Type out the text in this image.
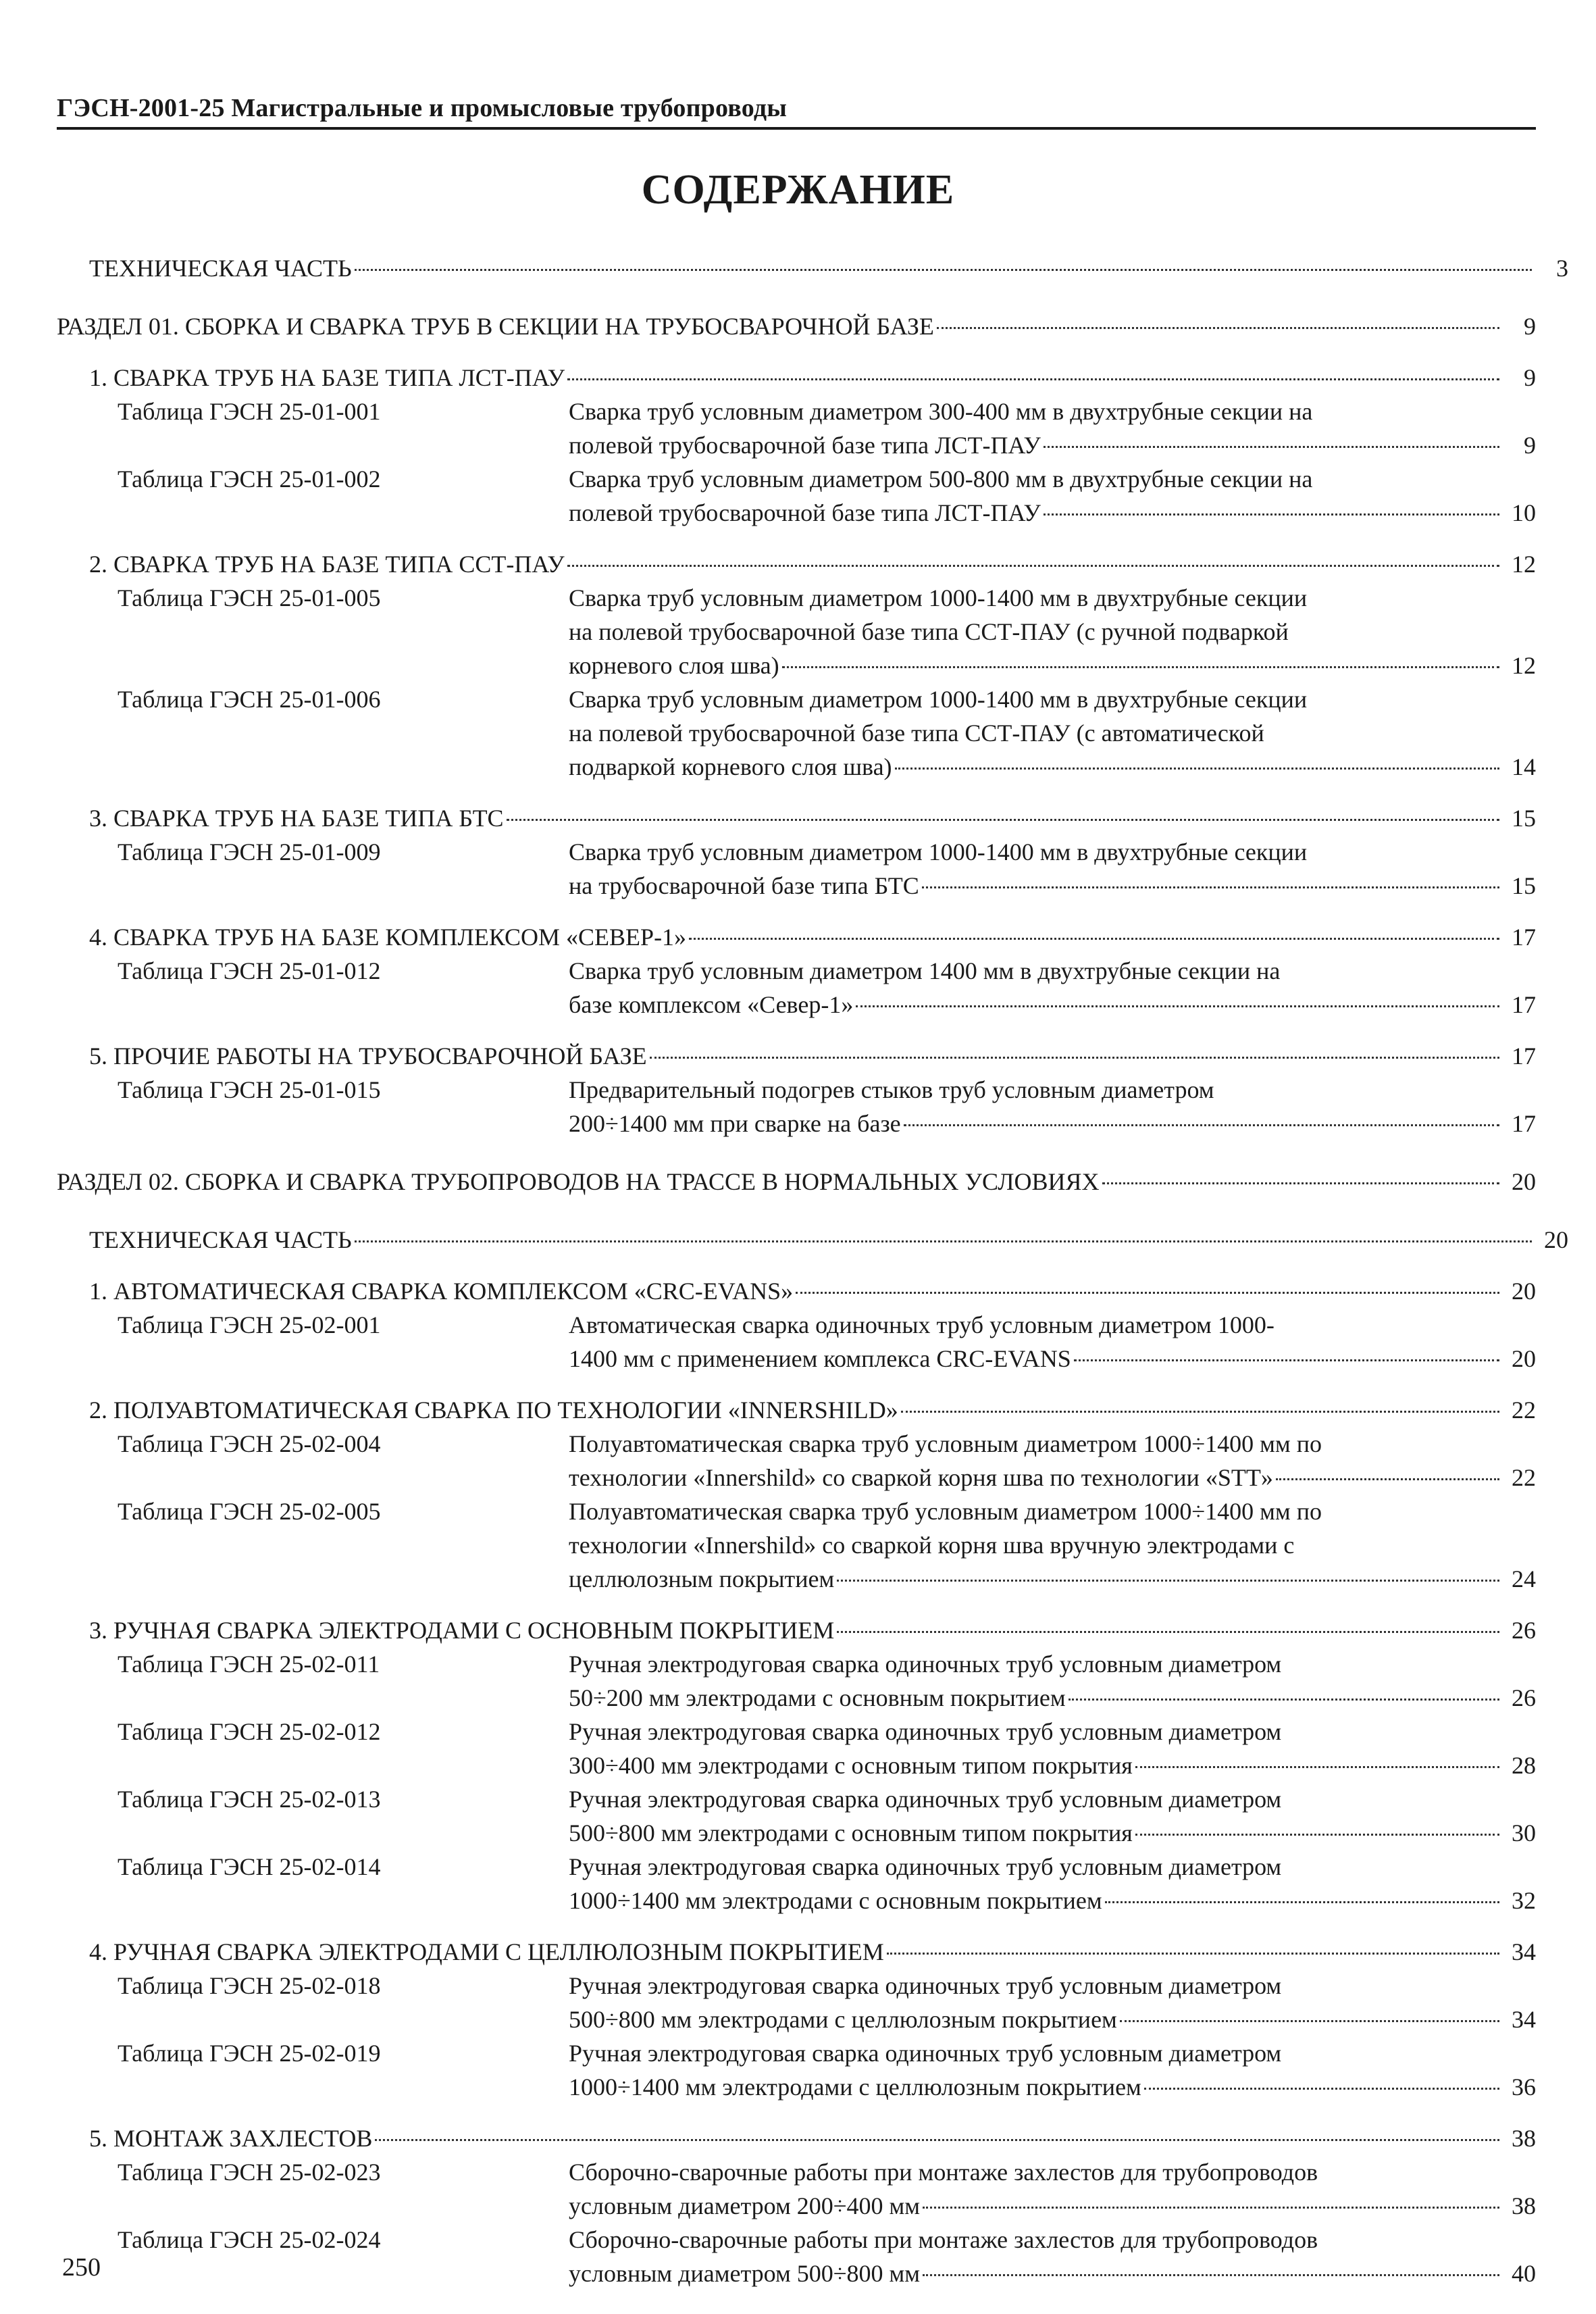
ГЭСН-2001-25 Магистральные и промысловые трубопроводы
СОДЕРЖАНИЕ
ТЕХНИЧЕСКАЯ ЧАСТЬ	3
РАЗДЕЛ 01. СБОРКА И СВАРКА ТРУБ В СЕКЦИИ НА ТРУБОСВАРОЧНОЙ БАЗЕ	9
1. СВАРКА ТРУБ НА БАЗЕ ТИПА ЛСТ-ПАУ	9
Таблица ГЭСН 25-01-001	Сварка труб условным диаметром 300-400 мм в двухтрубные секции на
полевой трубосварочной базе типа ЛСТ-ПАУ	9
Таблица ГЭСН 25-01-002	Сварка труб условным диаметром 500-800 мм в двухтрубные секции на
полевой трубосварочной базе типа ЛСТ-ПАУ	10
2. СВАРКА ТРУБ НА БАЗЕ ТИПА ССТ-ПАУ	12
Таблица ГЭСН 25-01-005	Сварка труб условным диаметром 1000-1400 мм в двухтрубные секции
на полевой трубосварочной базе типа ССТ-ПАУ (с ручной подваркой
корневого слоя шва)	12
Таблица ГЭСН 25-01-006	Сварка труб условным диаметром 1000-1400 мм в двухтрубные секции
на полевой трубосварочной базе типа ССТ-ПАУ (с автоматической
подваркой корневого слоя шва)	14
3. СВАРКА ТРУБ НА БАЗЕ ТИПА БТС	15
Таблица ГЭСН 25-01-009	Сварка труб условным диаметром 1000-1400 мм в двухтрубные секции
на трубосварочной базе типа БТС	15
4. СВАРКА ТРУБ НА БАЗЕ КОМПЛЕКСОМ «СЕВЕР-1»	17
Таблица ГЭСН 25-01-012	Сварка труб условным диаметром 1400 мм в двухтрубные секции на
базе комплексом «Север-1»	17
5. ПРОЧИЕ РАБОТЫ НА ТРУБОСВАРОЧНОЙ БАЗЕ	17
Таблица ГЭСН 25-01-015	Предварительный подогрев стыков труб условным диаметром
200÷1400 мм при сварке на базе	17
РАЗДЕЛ 02. СБОРКА И СВАРКА ТРУБОПРОВОДОВ НА ТРАССЕ В НОРМАЛЬНЫХ УСЛОВИЯХ	20
ТЕХНИЧЕСКАЯ ЧАСТЬ	20
1. АВТОМАТИЧЕСКАЯ СВАРКА КОМПЛЕКСОМ «CRC-EVANS»	20
Таблица ГЭСН 25-02-001	Автоматическая сварка одиночных труб условным диаметром 1000-
1400 мм с применением комплекса CRC-EVANS	20
2. ПОЛУАВТОМАТИЧЕСКАЯ СВАРКА ПО ТЕХНОЛОГИИ «INNERSHILD»	22
Таблица ГЭСН 25-02-004	Полуавтоматическая сварка труб условным диаметром 1000÷1400 мм по
технологии «Innershild» со сваркой корня шва по технологии «STT»	22
Таблица ГЭСН 25-02-005	Полуавтоматическая сварка труб условным диаметром 1000÷1400 мм по
технологии «Innershild» со сваркой корня шва вручную электродами с
целлюлозным покрытием	24
3. РУЧНАЯ СВАРКА ЭЛЕКТРОДАМИ С ОСНОВНЫМ ПОКРЫТИЕМ	26
Таблица ГЭСН 25-02-011	Ручная электродуговая сварка одиночных труб условным диаметром
50÷200 мм электродами с основным покрытием	26
Таблица ГЭСН 25-02-012	Ручная электродуговая сварка одиночных труб условным диаметром
300÷400 мм электродами с основным типом покрытия	28
Таблица ГЭСН 25-02-013	Ручная электродуговая сварка одиночных труб условным диаметром
500÷800 мм электродами с основным типом покрытия	30
Таблица ГЭСН 25-02-014	Ручная электродуговая сварка одиночных труб условным диаметром
1000÷1400 мм электродами с основным покрытием	32
4. РУЧНАЯ СВАРКА ЭЛЕКТРОДАМИ С ЦЕЛЛЮЛОЗНЫМ ПОКРЫТИЕМ	34
Таблица ГЭСН 25-02-018	Ручная электродуговая сварка одиночных труб условным диаметром
500÷800 мм электродами с целлюлозным покрытием	34
Таблица ГЭСН 25-02-019	Ручная электродуговая сварка одиночных труб условным диаметром
1000÷1400 мм электродами с целлюлозным покрытием	36
5. МОНТАЖ ЗАХЛЕСТОВ	38
Таблица ГЭСН 25-02-023	Сборочно-сварочные работы при монтаже захлестов для трубопроводов
условным диаметром 200÷400 мм	38
Таблица ГЭСН 25-02-024	Сборочно-сварочные работы при монтаже захлестов для трубопроводов
условным диаметром 500÷800 мм	40
250
